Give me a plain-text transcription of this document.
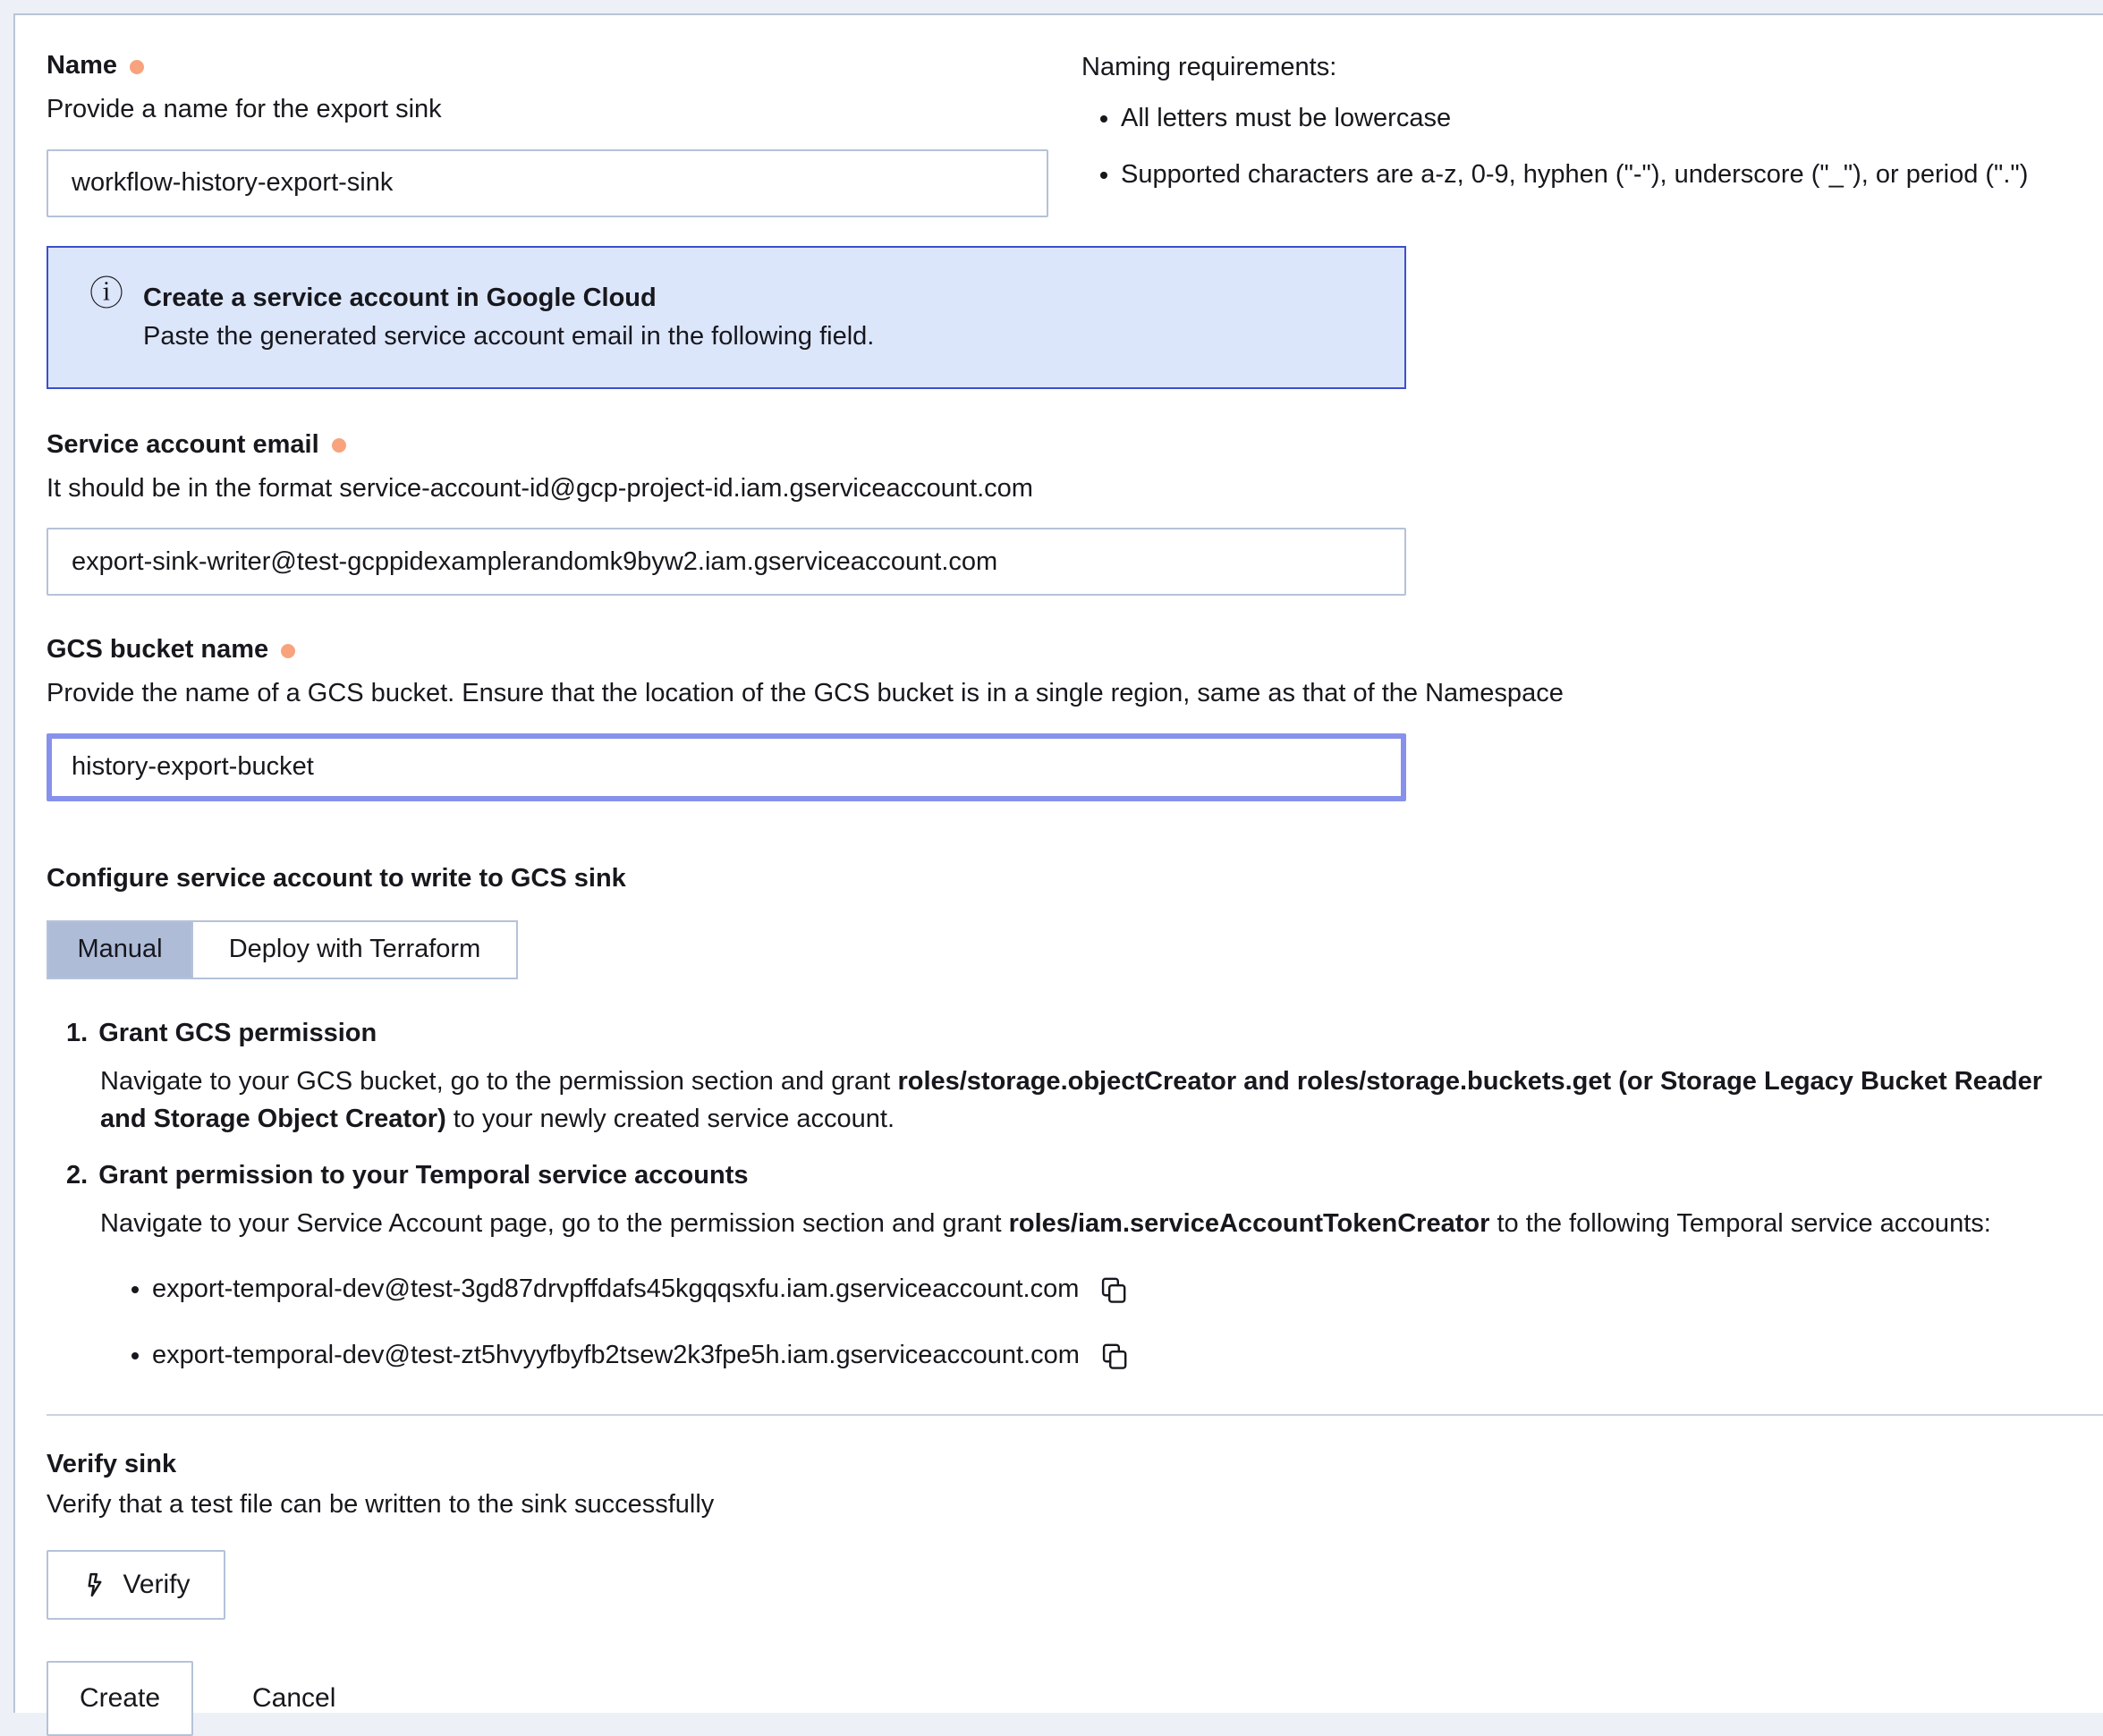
Name
Provide a name for the export sink
workflow-history-export-sink
Naming requirements:
• All letters must be lowercase
• Supported characters are a-z, 0-9, hyphen ("-"), underscore ("_"), or period (".")
ⓘ Create a service account in Google Cloud
Paste the generated service account email in the following field.
Service account email
It should be in the format service-account-id@gcp-project-id.iam.gserviceaccount.com
export-sink-writer@test-gcppidexamplerandomk9byw2.iam.gserviceaccount.com
GCS bucket name
Provide the name of a GCS bucket. Ensure that the location of the GCS bucket is in a single region, same as that of the Namespace
history-export-bucket
Configure service account to write to GCS sink
Manual	Deploy with Terraform
1. Grant GCS permission
Navigate to your GCS bucket, go to the permission section and grant roles/storage.objectCreator and roles/storage.buckets.get (or Storage Legacy Bucket Reader and Storage Object Creator) to your newly created service account.
2. Grant permission to your Temporal service accounts
Navigate to your Service Account page, go to the permission section and grant roles/iam.serviceAccountTokenCreator to the following Temporal service accounts:
• export-temporal-dev@test-3gd87drvpffdafs45kgqqsxfu.iam.gserviceaccount.com
• export-temporal-dev@test-zt5hvyyfbyfb2tsew2k3fpe5h.iam.gserviceaccount.com
Verify sink
Verify that a test file can be written to the sink successfully
Verify
Create	Cancel
